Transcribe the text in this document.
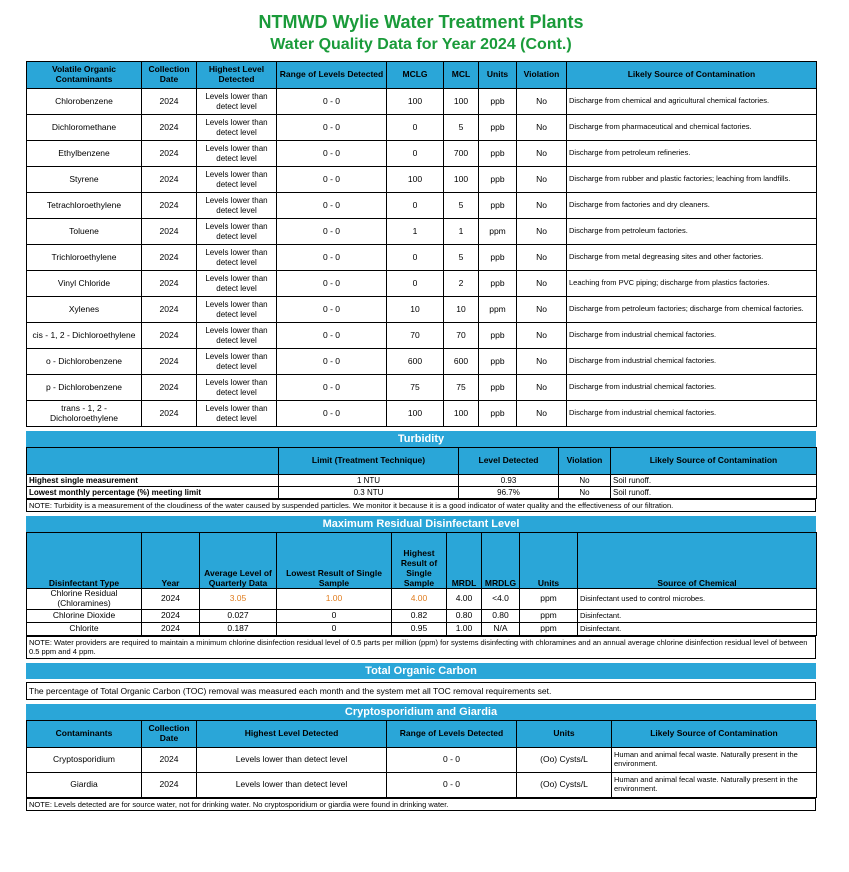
NTMWD Wylie Water Treatment Plants
Water Quality Data for Year 2024 (Cont.)
Volatile Organic Contaminants	Collection Date	Highest Level Detected	Range of Levels Detected	MCLG	MCL	Units	Violation	Likely Source of Contamination
Chlorobenzene	2024	Levels lower than detect level	0 - 0	100	100	ppb	No	Discharge from chemical and agricultural chemical factories.
Dichloromethane	2024	Levels lower than detect level	0 - 0	0	5	ppb	No	Discharge from pharmaceutical and chemical factories.
Ethylbenzene	2024	Levels lower than detect level	0 - 0	0	700	ppb	No	Discharge from petroleum refineries.
Styrene	2024	Levels lower than detect level	0 - 0	100	100	ppb	No	Discharge from rubber and plastic factories; leaching from landfills.
Tetrachloroethylene	2024	Levels lower than detect level	0 - 0	0	5	ppb	No	Discharge from factories and dry cleaners.
Toluene	2024	Levels lower than detect level	0 - 0	1	1	ppm	No	Discharge from petroleum factories.
Trichloroethylene	2024	Levels lower than detect level	0 - 0	0	5	ppb	No	Discharge from metal degreasing sites and other factories.
Vinyl Chloride	2024	Levels lower than detect level	0 - 0	0	2	ppb	No	Leaching from PVC piping; discharge from plastics factories.
Xylenes	2024	Levels lower than detect level	0 - 0	10	10	ppm	No	Discharge from petroleum factories; discharge from chemical factories.
cis - 1, 2 - Dichloroethylene	2024	Levels lower than detect level	0 - 0	70	70	ppb	No	Discharge from industrial chemical factories.
o - Dichlorobenzene	2024	Levels lower than detect level	0 - 0	600	600	ppb	No	Discharge from industrial chemical factories.
p - Dichlorobenzene	2024	Levels lower than detect level	0 - 0	75	75	ppb	No	Discharge from industrial chemical factories.
trans - 1, 2 - Dicholoroethylene	2024	Levels lower than detect level	0 - 0	100	100	ppb	No	Discharge from industrial chemical factories.
Turbidity
	Limit (Treatment Technique)	Level Detected	Violation	Likely Source of Contamination
Highest single measurement	1 NTU	0.93	No	Soil runoff.
Lowest monthly percentage (%) meeting limit	0.3 NTU	96.7%	No	Soil runoff.
NOTE: Turbidity is a measurement of the cloudiness of the water caused by suspended particles. We monitor it because it is a good indicator of water quality and the effectiveness of our filtration.
Maximum Residual Disinfectant Level
Disinfectant Type	Year	Average Level of Quarterly Data	Lowest Result of Single Sample	Highest Result of Single Sample	MRDL	MRDLG	Units	Source of Chemical
Chlorine Residual (Chloramines)	2024	3.05	1.00	4.00	4.00	<4.0	ppm	Disinfectant used to control microbes.
Chlorine Dioxide	2024	0.027	0	0.82	0.80	0.80	ppm	Disinfectant.
Chlorite	2024	0.187	0	0.95	1.00	N/A	ppm	Disinfectant.
NOTE: Water providers are required to maintain a minimum chlorine disinfection residual level of 0.5 parts per million (ppm) for systems disinfecting with chloramines and an annual average chlorine disinfection residual level of between 0.5 ppm and 4 ppm.
Total Organic Carbon
The percentage of Total Organic Carbon (TOC) removal was measured each month and the system met all TOC removal requirements set.
Cryptosporidium and Giardia
Contaminants	Collection Date	Highest Level Detected	Range of Levels Detected	Units	Likely Source of Contamination
Cryptosporidium	2024	Levels lower than detect level	0 - 0	(Oo) Cysts/L	Human and animal fecal waste. Naturally present in the environment.
Giardia	2024	Levels lower than detect level	0 - 0	(Oo) Cysts/L	Human and animal fecal waste. Naturally present in the environment.
NOTE: Levels detected are for source water, not for drinking water. No cryptosporidium or giardia were found in drinking water.
